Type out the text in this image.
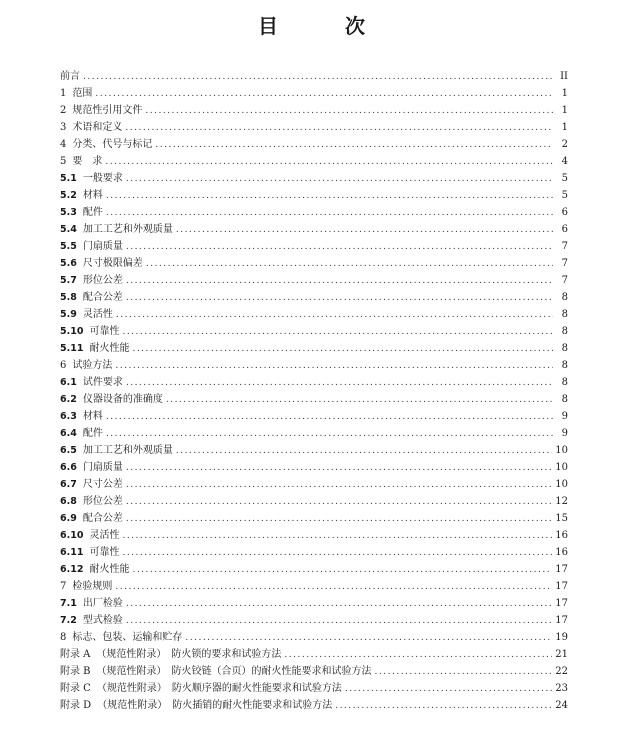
目 次
前言 .....	II
1 范围 .....	1
2 规范性引用文件 .....	1
3 术语和定义 .....	1
4 分类、代号与标记 .....	2
5 要　求 .....	4
5.1 一般要求 .....	5
5.2 材料 .....	5
5.3 配件 .....	6
5.4 加工工艺和外观质量 .....	6
5.5 门扇质量 .....	7
5.6 尺寸极限偏差 .....	7
5.7 形位公差 .....	7
5.8 配合公差 .....	8
5.9 灵活性 .....	8
5.10 可靠性 .....	8
5.11 耐火性能 .....	8
6 试验方法 .....	8
6.1 试件要求 .....	8
6.2 仪器设备的准确度 .....	8
6.3 材料 .....	9
6.4 配件 .....	9
6.5 加工工艺和外观质量 .....	10
6.6 门扇质量 .....	10
6.7 尺寸公差 .....	10
6.8 形位公差 .....	12
6.9 配合公差 .....	15
6.10 灵活性 .....	16
6.11 可靠性 .....	16
6.12 耐火性能 .....	17
7 检验规则 .....	17
7.1 出厂检验 .....	17
7.2 型式检验 .....	17
8 标志、包装、运输和贮存 .....	19
附录 A （规范性附录）　防火锁的要求和试验方法 .....	21
附录 B （规范性附录）　防火铰链（合页）的耐火性能要求和试验方法 .....	22
附录 C （规范性附录）　防火顺序器的耐火性能要求和试验方法 .....	23
附录 D （规范性附录）　防火插销的耐火性能要求和试验方法 .....	24
